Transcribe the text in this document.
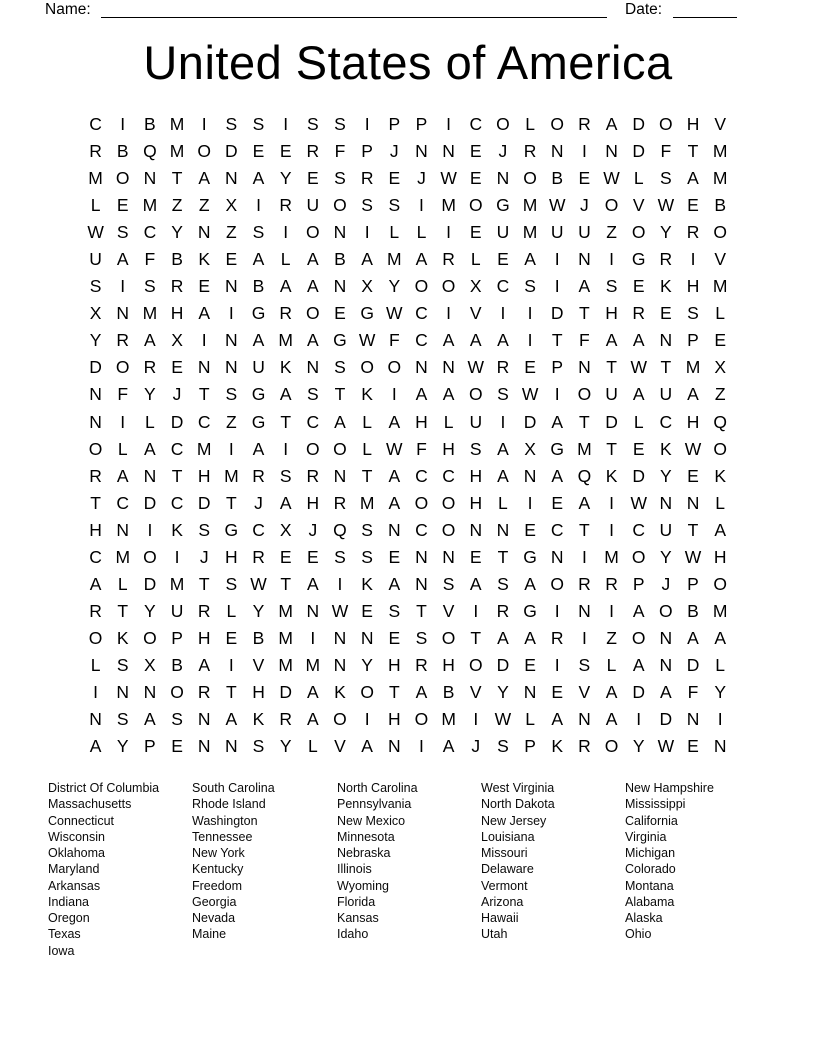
Name:	Date:
United States of America
C	I	B M I	S S	I	S S	I	P P	I	C O L O R A D O H V
R B Q M O D E E R F P J N N E J R N	I	N D F T M
M O N T A N A Y E S R E J W E N O B E W L S A M
L E M Z Z X	I	R U O S S	I M O G M W J O V W E B
W S C Y N Z S	I	O N	I	L L	I	E U M U U Z O Y R O
U A F B K E A L A B A M A R L E A	I	N	I	G R	I	V
S	I	S R E N B A A N X Y O O X C S	I	A S E K H M
X N M H A	I	G R O E G W C	I	V	I	I	D T H R E S L
Y R A X	I	N A M A G W F C A A A	I	T F A A N P E
D O R E N N U K N S O O N N W R E P N T W T M X
N F Y J T S G A S T K	I	A A O S W I	O U A U A Z
N	I	L D C Z G T C A L A H L U	I	D A T D L C H Q
O L A C M I	A	I	O O L W F H S A X G M T E K W O
R A N T H M R S R N T A C C H A N A Q K D Y E K
T C D C D T J A H R M A O O H L	I	E A	I W N N L
H N	I	K S G C X J Q S N C O N N E C T	I	C U T A
C M O	I	J H R E E S S E N N E T G N	I M O Y W H
A L D M T S W T A	I	K A N S A S A O R R P J P O
R T Y U R L Y M N W E S T V	I	R G	I	N	I	A O B M
O K O P H E B M I	N N E S O T A A R	I	Z O N A A
L S X B A	I	V M M N Y H R H O D E	I	S L A N D L
I	N N O R T H D A K O T A B V Y N E V A D A F Y
N S A S N A K R A O	I	H O M I W L A N A	I	D N	I
A Y P E N N S Y L V A N	I	A J S P K R O Y W E N
District Of Columbia
Massachusetts
Connecticut
Wisconsin
Oklahoma
Maryland
Arkansas
Indiana
Oregon
Texas
Iowa
South Carolina
Rhode Island
Washington
Tennessee
New York
Kentucky
Freedom
Georgia
Nevada
Maine
North Carolina
Pennsylvania
New Mexico
Minnesota
Nebraska
Illinois
Wyoming
Florida
Kansas
Idaho
West Virginia
North Dakota
New Jersey
Louisiana
Missouri
Delaware
Vermont
Arizona
Hawaii
Utah
New Hampshire
Mississippi
California
Virginia
Michigan
Colorado
Montana
Alabama
Alaska
Ohio
